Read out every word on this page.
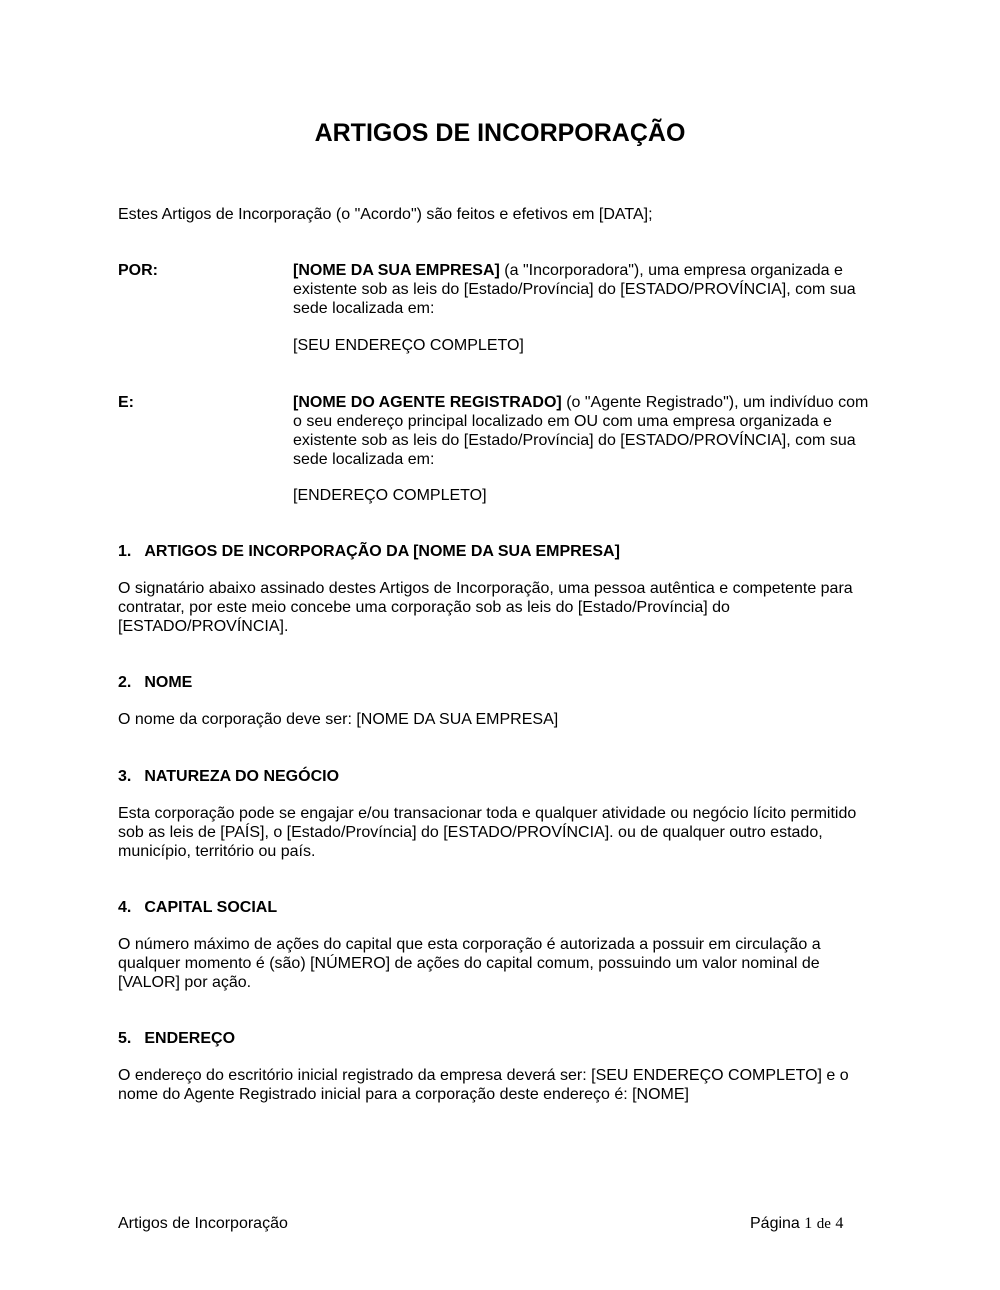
ARTIGOS DE INCORPORAÇÃO
Estes Artigos de Incorporação (o "Acordo") são feitos e efetivos em [DATA];
POR:	[NOME DA SUA EMPRESA] (a "Incorporadora"), uma empresa organizada e
existente sob as leis do [Estado/Província] do [ESTADO/PROVÍNCIA], com sua
sede localizada em:
[SEU ENDEREÇO COMPLETO]
E:	[NOME DO AGENTE REGISTRADO] (o "Agente Registrado"), um indivíduo com
o seu endereço principal localizado em OU com uma empresa organizada e
existente sob as leis do [Estado/Província] do [ESTADO/PROVÍNCIA], com sua
sede localizada em:
[ENDEREÇO COMPLETO]
1. ARTIGOS DE INCORPORAÇÃO DA [NOME DA SUA EMPRESA]
O signatário abaixo assinado destes Artigos de Incorporação, uma pessoa autêntica e competente para
contratar, por este meio concebe uma corporação sob as leis do [Estado/Província] do
[ESTADO/PROVÍNCIA].
2. NOME
O nome da corporação deve ser: [NOME DA SUA EMPRESA]
3. NATUREZA DO NEGÓCIO
Esta corporação pode se engajar e/ou transacionar toda e qualquer atividade ou negócio lícito permitido
sob as leis de [PAÍS], o [Estado/Província] do [ESTADO/PROVÍNCIA]. ou de qualquer outro estado,
município, território ou país.
4. CAPITAL SOCIAL
O número máximo de ações do capital que esta corporação é autorizada a possuir em circulação a
qualquer momento é (são) [NÚMERO] de ações do capital comum, possuindo um valor nominal de
[VALOR] por ação.
5. ENDEREÇO
O endereço do escritório inicial registrado da empresa deverá ser: [SEU ENDEREÇO COMPLETO] e o
nome do Agente Registrado inicial para a corporação deste endereço é: [NOME]
Artigos de Incorporação	Página 1 de 4
